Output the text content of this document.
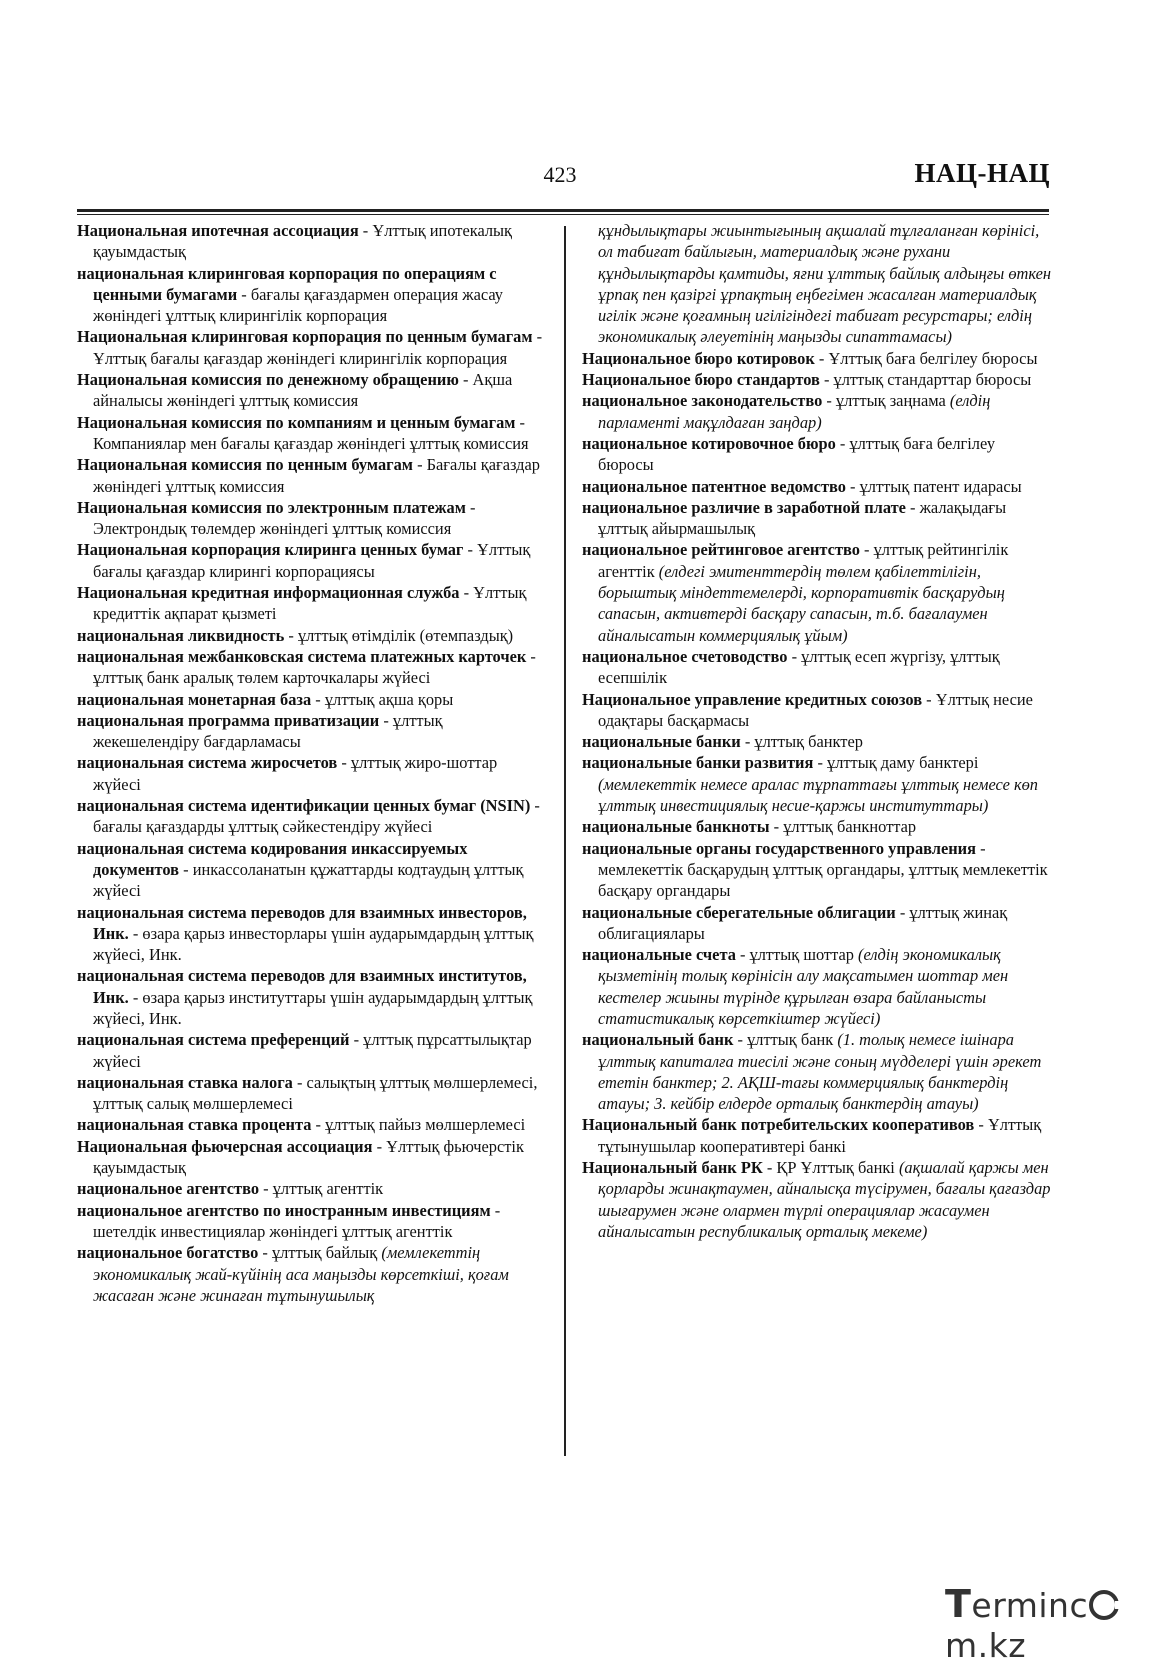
423	НАЦ-НАЦ

Национальная ипотечная ассоциация - Ұлттық ипотекалық қауымдастық

национальная клиринговая корпорация по операциям с ценными бумагами - бағалы қағаздармен операция жасау жөніндегі ұлттық клирингілік корпорация

Национальная клиринговая корпорация по ценным бумагам - Ұлттық бағалы қағаздар жөніндегі клирингілік корпорация

Национальная комиссия по денежному обращению - Ақша айналысы жөніндегі ұлттық комиссия

Национальная комиссия по компаниям и ценным бумагам - Компаниялар мен бағалы қағаздар жөніндегі ұлттық комиссия

Национальная комиссия по ценным бумагам - Бағалы қағаздар жөніндегі ұлттық комиссия

Национальная комиссия по электронным платежам - Электрондық төлемдер жөніндегі ұлттық комиссия

Национальная корпорация клиринга ценных бумаг - Ұлттық бағалы қағаздар клирингі корпорациясы

Национальная кредитная информационная служба - Ұлттық кредиттік ақпарат қызметі

национальная ликвидность - ұлттық өтімділік (өтемпаздық)

национальная межбанковская система платежных карточек - ұлттық банк аралық төлем карточкалары жүйесі

национальная монетарная база - ұлттық ақша қоры

национальная программа приватизации - ұлттық жекешелендіру бағдарламасы

национальная система жиросчетов - ұлттық жиро-шоттар жүйесі

национальная система идентификации ценных бумаг (NSIN) - бағалы қағаздарды ұлттық сәйкестендіру жүйесі

национальная система кодирования инкассируемых документов - инкассоланатын құжаттарды кодтаудың ұлттық жүйесі

национальная система переводов для взаимных инвесторов, Инк. - өзара қарыз инвесторлары үшін аударымдардың ұлттық жүйесі, Инк.

национальная система переводов для взаимных институтов, Инк. - өзара қарыз институттары үшін аударымдардың ұлттық жүйесі, Инк.

национальная система преференций - ұлттық пұрсаттылықтар жүйесі

национальная ставка налога - салықтың ұлттық мөлшерлемесі, ұлттық салық мөлшерлемесі

национальная ставка процента - ұлттық пайыз мөлшерлемесі

Национальная фьючерсная ассоциация - Ұлттық фьючерстік қауымдастық

национальное агентство - ұлттық агенттік

национальное агентство по иностранным инвестициям - шетелдік инвестициялар жөніндегі ұлттық агенттік

национальное богатство - ұлттық байлық (мемлекеттің экономикалық жай-күйінің аса маңызды көрсеткіші, қоғам жасаған және жинаған тұтынушылық

құндылықтары жиынтығының ақшалай тұлғаланған көрінісі, ол табиғат байлығын, материалдық және рухани құндылықтарды қамтиды, яғни ұлттық байлық алдыңғы өткен ұрпақ пен қазіргі ұрпақтың еңбегімен жасалған материалдық игілік және қоғамның игілігіндегі табиғат ресурстары; елдің экономикалық әлеуетінің маңызды сипаттамасы)

Национальное бюро котировок - Ұлттық баға белгілеу бюросы

Национальное бюро стандартов - ұлттық стандарттар бюросы

национальное законодательство - ұлттық заңнама (елдің парламенті мақұлдаған заңдар)

национальное котировочное бюро - ұлттық баға белгілеу бюросы

национальное патентное ведомство - ұлттық патент идарасы

национальное различие в заработной плате - жалақыдағы ұлттық айырмашылық

национальное рейтинговое агентство - ұлттық рейтингілік агенттік (елдегі эмитенттердің төлем қабілеттілігін, борыштық міндеттемелерді, корпоративтік басқарудың сапасын, активтерді басқару сапасын, т.б. бағалаумен айналысатын коммерциялық ұйым)

национальное счетоводство - ұлттық есеп жүргізу, ұлттық есепшілік

Национальное управление кредитных союзов - Ұлттық несие одақтары басқармасы

национальные банки - ұлттық банктер

национальные банки развития - ұлттық даму банктері (мемлекеттік немесе аралас тұрпаттағы ұлттық немесе көп ұлттық инвестициялық несие-қаржы институттары)

национальные банкноты - ұлттық банкноттар

национальные органы государственного управления - мемлекеттік басқарудың ұлттық органдары, ұлттық мемлекеттік басқару органдары

национальные сберегательные облигации - ұлттық жинақ облигациялары

национальные счета - ұлттық шоттар (елдің экономикалық қызметінің толық көрінісін алу мақсатымен шоттар мен кестелер жиыны түрінде құрылған өзара байланысты статистикалық көрсеткіштер жүйесі)

национальный банк - ұлттық банк (1. толық немесе ішінара ұлттық капиталға тиесілі және соның мүдделері үшін әрекет ететін банктер; 2. АҚШ-тағы коммерциялық банктердің атауы; 3. кейбір елдерде орталық банктердің атауы)

Национальный банк потребительских кооперативов - Ұлттық тұтынушылар кооперативтері банкі

Национальный банк РК - ҚР Ұлттық банкі (ақшалай қаржы мен қорларды жинақтаумен, айналысқа түсірумен, бағалы қағаздар шығарумен және олармен түрлі операциялар жасаумен айналысатын республикалық орталық мекеме)

Termincm.kz
